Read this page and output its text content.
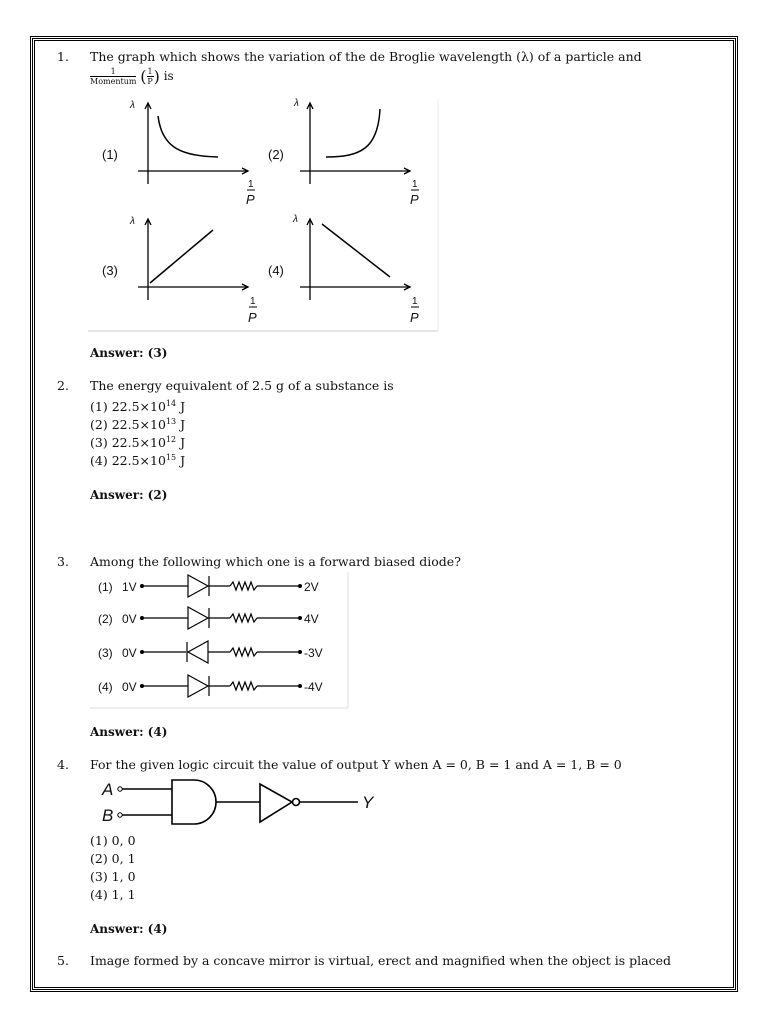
1. The graph which shows the variation of the de Broglie wavelength (λ) of a particle and
$\frac{1}{\text{Momentum}}$ ( $\frac{1}{P}$ ) is
(1)	(2)
(3)	(4)
λ	λ
λ	λ
1	1
1	1
P	P
P	P
Answer: (3)
2. The energy equivalent of 2.5 g of a substance is
(1) $22.5\times 10^{14}$ J
(2) $22.5\times 10^{13}$ J
(3) $22.5\times 10^{12}$ J
(4) $22.5\times 10^{15}$ J
Answer: (2)
3. Among the following which one is a forward biased diode?
(1) 1V	2V
(2) 0V	4V
(3) 0V	-3V
(4) 0V	-4V
Answer: (4)
4. For the given logic circuit the value of output Y when A = 0, B = 1 and A = 1, B = 0
A
B
Y
(1) 0, 0
(2) 0, 1
(3) 1, 0
(4) 1, 1
Answer: (4)
5. Image formed by a concave mirror is virtual, erect and magnified when the object is placed
